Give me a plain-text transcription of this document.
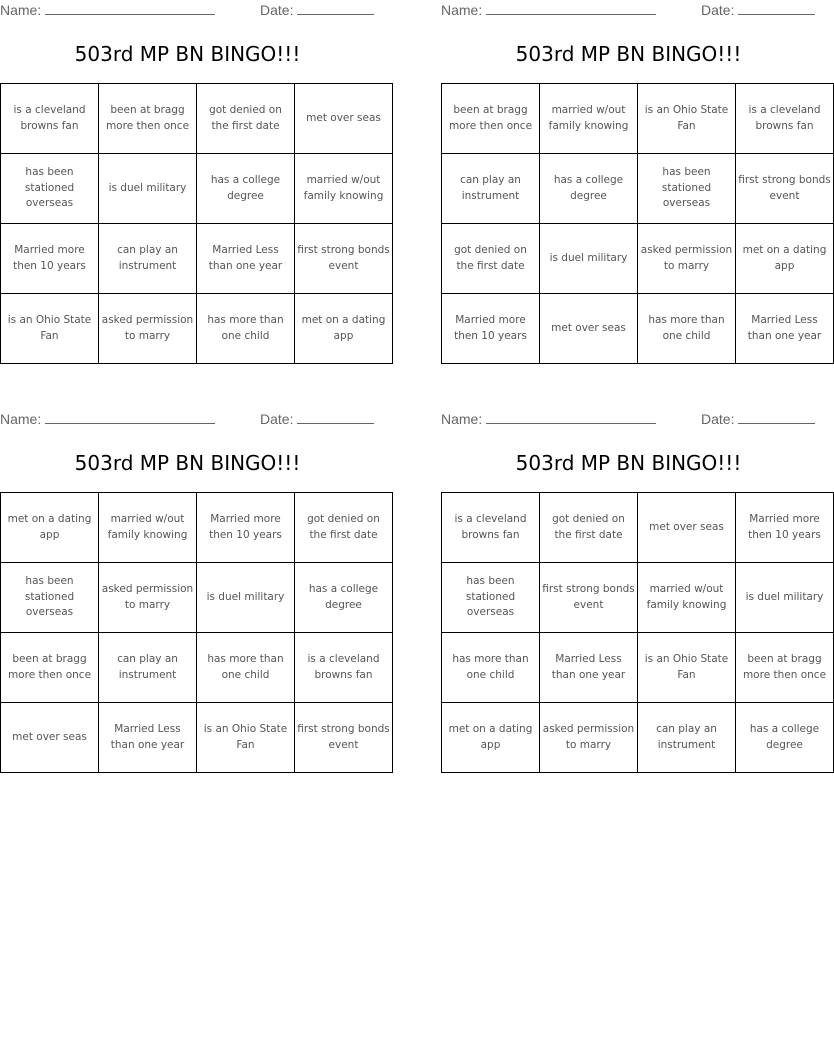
Name:	Date:
503rd MP BN BINGO!!!
is a cleveland browns fan	been at bragg more then once	got denied on the first date	met over seas
has been stationed overseas	is duel military	has a college degree	married w/out family knowing
Married more then 10 years	can play an instrument	Married Less than one year	first strong bonds event
is an Ohio State Fan	asked permission to marry	has more than one child	met on a dating app
Name:	Date:
503rd MP BN BINGO!!!
been at bragg more then once	married w/out family knowing	is an Ohio State Fan	is a cleveland browns fan
can play an instrument	has a college degree	has been stationed overseas	first strong bonds event
got denied on the first date	is duel military	asked permission to marry	met on a dating app
Married more then 10 years	met over seas	has more than one child	Married Less than one year
Name:	Date:
503rd MP BN BINGO!!!
met on a dating app	married w/out family knowing	Married more then 10 years	got denied on the first date
has been stationed overseas	asked permission to marry	is duel military	has a college degree
been at bragg more then once	can play an instrument	has more than one child	is a cleveland browns fan
met over seas	Married Less than one year	is an Ohio State Fan	first strong bonds event
Name:	Date:
503rd MP BN BINGO!!!
is a cleveland browns fan	got denied on the first date	met over seas	Married more then 10 years
has been stationed overseas	first strong bonds event	married w/out family knowing	is duel military
has more than one child	Married Less than one year	is an Ohio State Fan	been at bragg more then once
met on a dating app	asked permission to marry	can play an instrument	has a college degree
